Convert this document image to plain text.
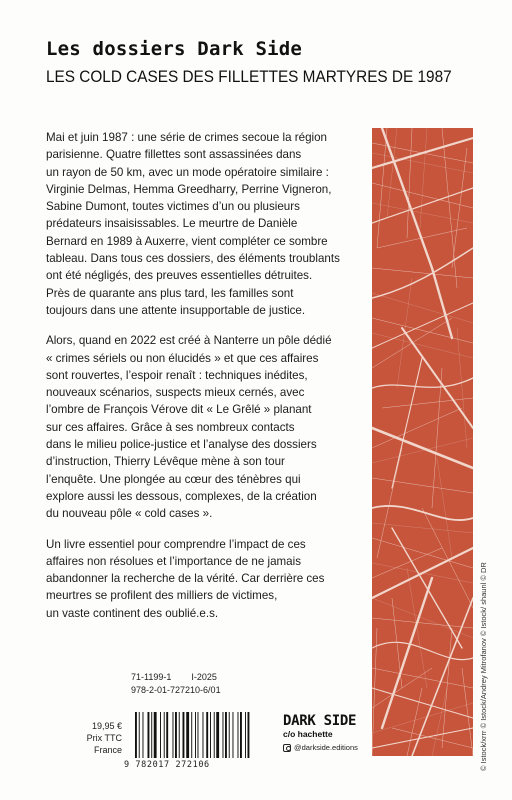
Les dossiers Dark Side
LES COLD CASES DES FILLETTES MARTYRES DE 1987

Mai et juin 1987 : une série de crimes secoue la région
parisienne. Quatre fillettes sont assassinées dans
un rayon de 50 km, avec un mode opératoire similaire :
Virginie Delmas, Hemma Greedharry, Perrine Vigneron,
Sabine Dumont, toutes victimes d’un ou plusieurs
prédateurs insaisissables. Le meurtre de Danièle
Bernard en 1989 à Auxerre, vient compléter ce sombre
tableau. Dans tous ces dossiers, des éléments troublants
ont été négligés, des preuves essentielles détruites.
Près de quarante ans plus tard, les familles sont
toujours dans une attente insupportable de justice.

Alors, quand en 2022 est créé à Nanterre un pôle dédié
« crimes sériels ou non élucidés » et que ces affaires
sont rouvertes, l’espoir renaît : techniques inédites,
nouveaux scénarios, suspects mieux cernés, avec
l’ombre de François Vérove dit « Le Grêlé » planant
sur ces affaires. Grâce à ses nombreux contacts
dans le milieu police-justice et l’analyse des dossiers
d’instruction, Thierry Lévêque mène à son tour
l’enquête. Une plongée au cœur des ténèbres qui
explore aussi les dessous, complexes, de la création
du nouveau pôle « cold cases ».

Un livre essentiel pour comprendre l’impact de ces
affaires non résolues et l’importance de ne jamais
abandonner la recherche de la vérité. Car derrière ces
meurtres se profilent des milliers de victimes,
un vaste continent des oublié.e.s.	© Istock/xrrr © Istock/Andrey Mitrofanov © Istock/ shaunl © DR
71-1199-1 I-2025
978-2-01-727210-6/01
19,95 €
Prix TTC
France
9 782017 272106
DARK SIDE
c/o hachette
@darkside.editions
